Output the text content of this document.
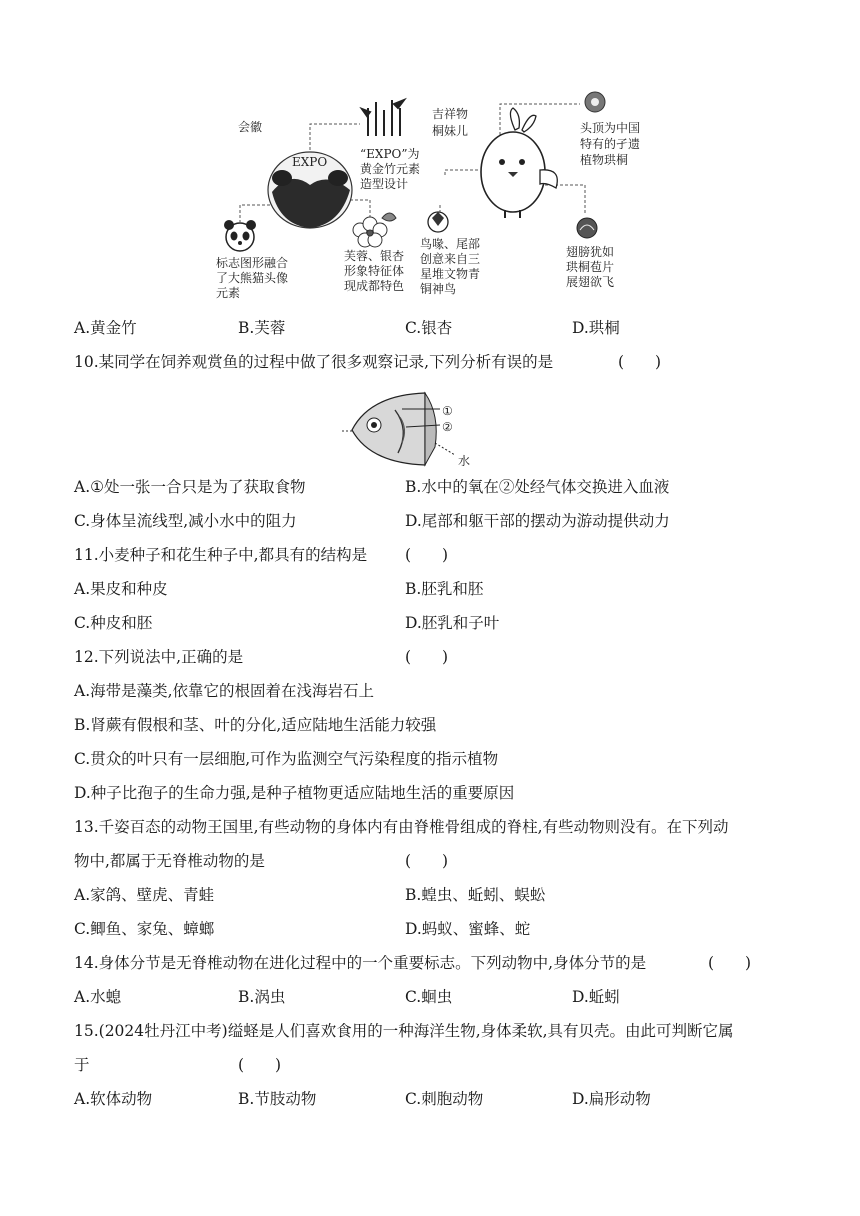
EXPO
会徽
“EXPO”为
黄金竹元素
造型设计
标志图形融合
了大熊猫头像
元素
芙蓉、银杏
形象特征体
现成都特色
吉祥物
桐妹儿	头顶为中国
特有的孑遗
植物珙桐
鸟喙、尾部
创意来自三
星堆文物青
铜神鸟
翅膀犹如
珙桐苞片
展翅欲飞
A.黄金竹	B.芙蓉	C.银杏	D.珙桐
10.某同学在饲养观赏鱼的过程中做了很多观察记录,下列分析有误的是	(　　)
①
②
水
A.①处一张一合只是为了获取食物	B.水中的氧在②处经气体交换进入血液
C.身体呈流线型,减小水中的阻力	D.尾部和躯干部的摆动为游动提供动力
11.小麦种子和花生种子中,都具有的结构是 (　　)
A.果皮和种皮	B.胚乳和胚
C.种皮和胚	D.胚乳和子叶
12.下列说法中,正确的是	(　　)
A.海带是藻类,依靠它的根固着在浅海岩石上
B.肾蕨有假根和茎、叶的分化,适应陆地生活能力较强
C.贯众的叶只有一层细胞,可作为监测空气污染程度的指示植物
D.种子比孢子的生命力强,是种子植物更适应陆地生活的重要原因
13.千姿百态的动物王国里,有些动物的身体内有由脊椎骨组成的脊柱,有些动物则没有。在下列动
物中,都属于无脊椎动物的是	(　　)
A.家鸽、壁虎、青蛙	B.蝗虫、蚯蚓、蜈蚣
C.鲫鱼、家兔、蟑螂	D.蚂蚁、蜜蜂、蛇
14.身体分节是无脊椎动物在进化过程中的一个重要标志。下列动物中,身体分节的是	(　　)
A.水螅	B.涡虫	C.蛔虫	D.蚯蚓
15.(2024牡丹江中考)缢蛏是人们喜欢食用的一种海洋生物,身体柔软,具有贝壳。由此可判断它属
于	(　　)
A.软体动物	B.节肢动物	C.刺胞动物	D.扁形动物
